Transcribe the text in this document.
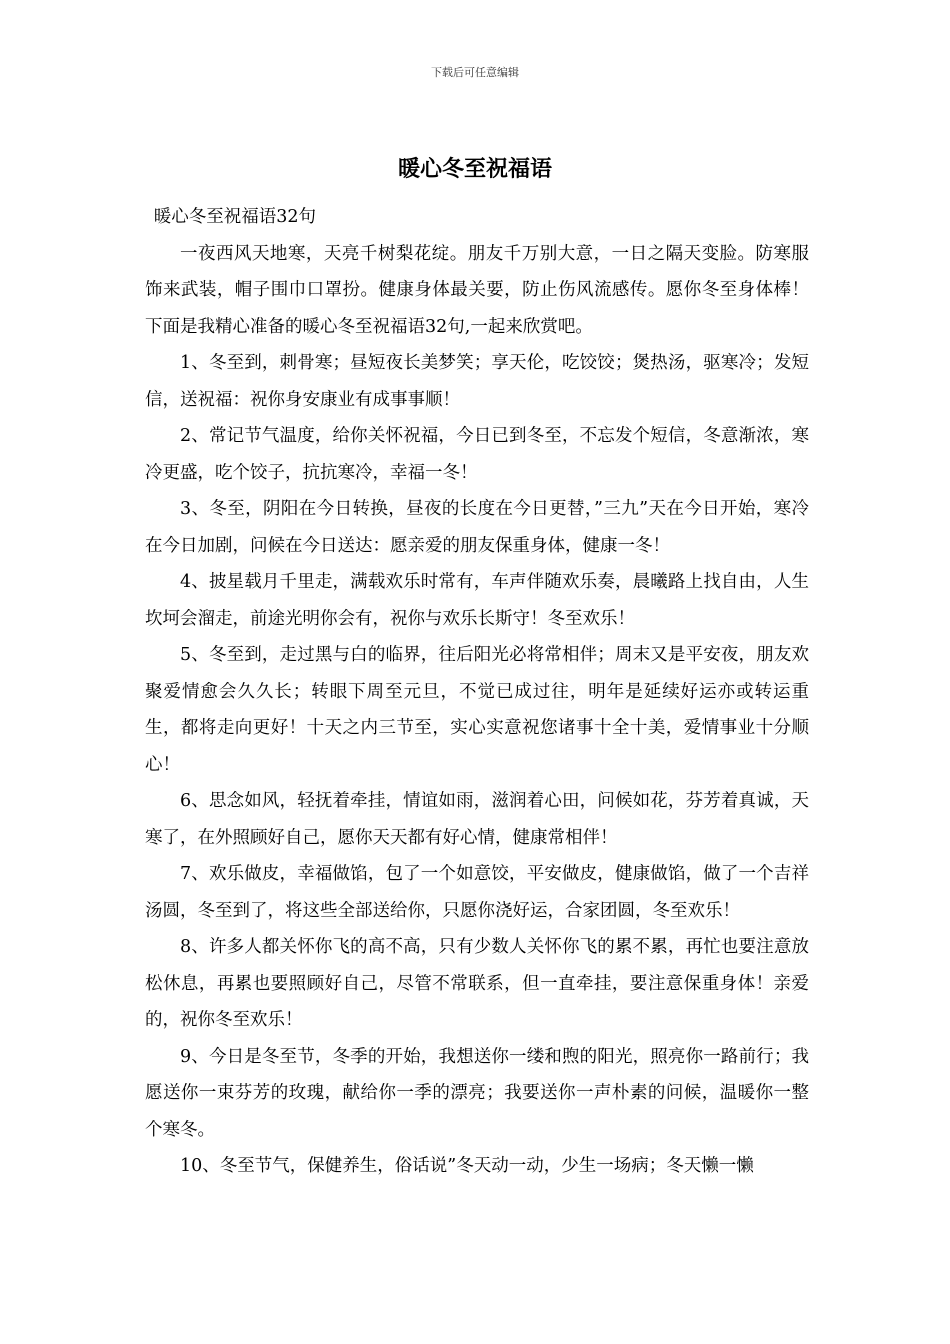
下载后可任意编辑
暖心冬至祝福语

暖心冬至祝福语32句

一夜西风天地寒，天亮千树梨花绽。朋友千万别大意，一日之隔天变脸。防寒服饰来武装，帽子围巾口罩扮。健康身体最关要，防止伤风流感传。愿你冬至身体棒！下面是我精心准备的暖心冬至祝福语32句,一起来欣赏吧。

1、冬至到，刺骨寒；昼短夜长美梦笑；享天伦，吃饺饺；煲热汤，驱寒冷；发短信，送祝福：祝你身安康业有成事事顺！

2、常记节气温度，给你关怀祝福，今日已到冬至，不忘发个短信，冬意渐浓，寒冷更盛，吃个饺子，抗抗寒冷，幸福一冬！

3、冬至，阴阳在今日转换，昼夜的长度在今日更替，”三九”天在今日开始，寒冷在今日加剧，问候在今日送达：愿亲爱的朋友保重身体，健康一冬！

4、披星载月千里走，满载欢乐时常有，车声伴随欢乐奏，晨曦路上找自由，人生坎坷会溜走，前途光明你会有，祝你与欢乐长斯守！冬至欢乐！

5、冬至到，走过黑与白的临界，往后阳光必将常相伴；周末又是平安夜，朋友欢聚爱情愈会久久长；转眼下周至元旦，不觉已成过往，明年是延续好运亦或转运重生，都将走向更好！十天之内三节至，实心实意祝您诸事十全十美，爱情事业十分顺心！

6、思念如风，轻抚着牵挂，情谊如雨，滋润着心田，问候如花，芬芳着真诚，天寒了，在外照顾好自己，愿你天天都有好心情，健康常相伴！

7、欢乐做皮，幸福做馅，包了一个如意饺，平安做皮，健康做馅，做了一个吉祥汤圆，冬至到了，将这些全部送给你，只愿你浇好运，合家团圆，冬至欢乐！

8、许多人都关怀你飞的高不高，只有少数人关怀你飞的累不累，再忙也要注意放松休息，再累也要照顾好自己，尽管不常联系，但一直牵挂，要注意保重身体！亲爱的，祝你冬至欢乐！

9、今日是冬至节，冬季的开始，我想送你一缕和煦的阳光，照亮你一路前行；我愿送你一束芬芳的玫瑰，献给你一季的漂亮；我要送你一声朴素的问候，温暖你一整个寒冬。

10、冬至节气，保健养生，俗话说”冬天动一动，少生一场病；冬天懒一懒
